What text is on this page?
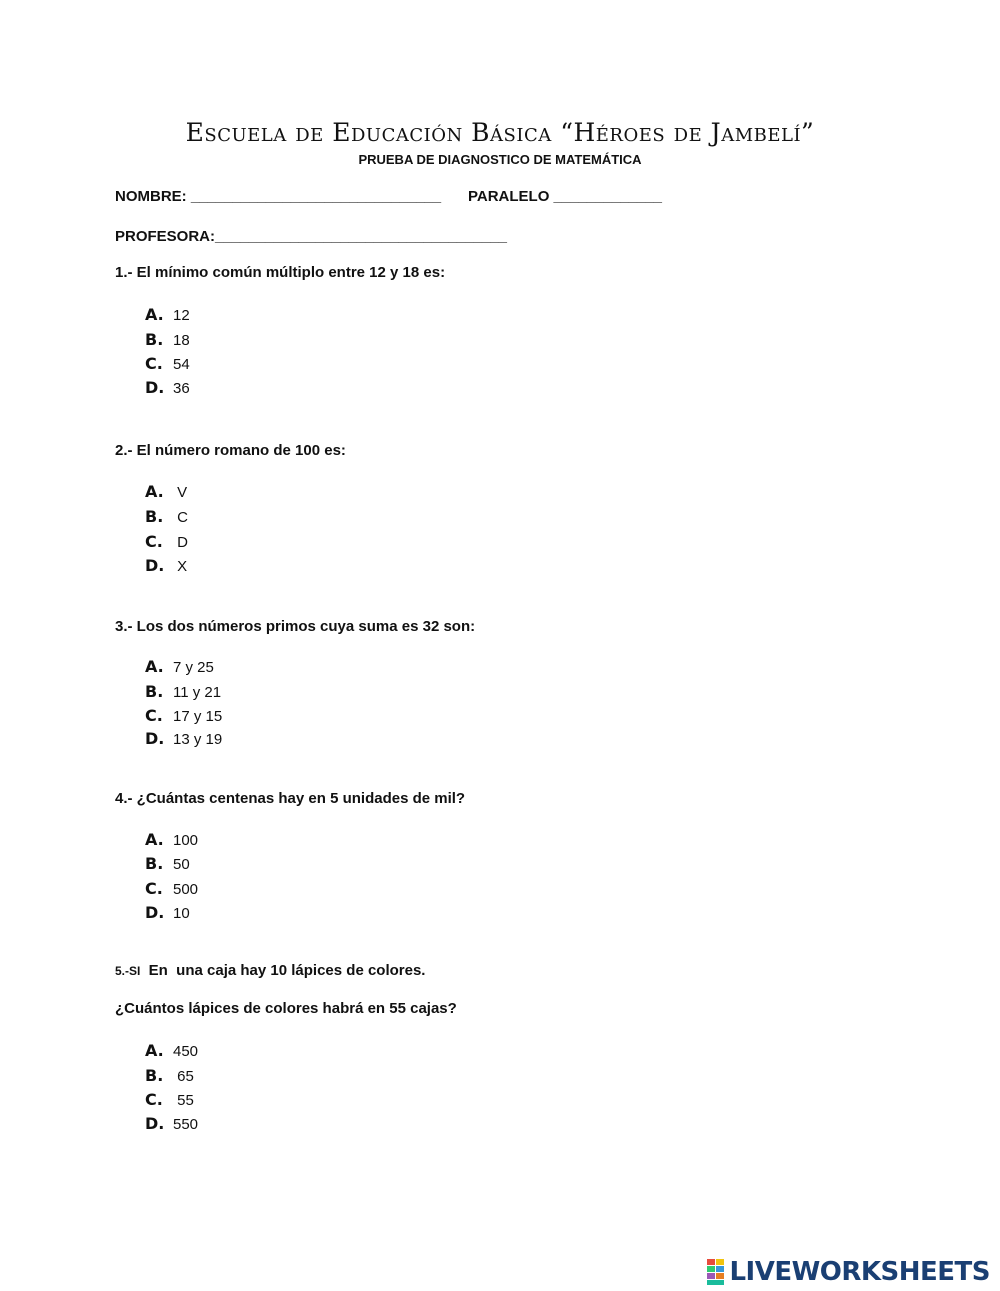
Escuela de Educación Básica “Héroes de Jambelí”
PRUEBA DE DIAGNOSTICO DE MATEMÁTICA
NOMBRE: ______________________________ PARALELO _____________
PROFESORA:___________________________________
1.- El mínimo común múltiplo entre 12 y 18 es:
A. 12
B. 18
C. 54
D. 36
2.- El número romano de 100 es:
A. V
B. C
C. D
D. X
3.- Los dos números primos cuya suma es 32 son:
A. 7 y 25
B. 11 y 21
C. 17 y 15
D. 13 y 19
4.- ¿Cuántas centenas hay en 5 unidades de mil?
A. 100
B. 50
C. 500
D. 10
5.-SI  En  una caja hay 10 lápices de colores.
¿Cuántos lápices de colores habrá en 55 cajas?
A. 450
B. 65
C. 55
D. 550
LIVEWORKSHEETS
